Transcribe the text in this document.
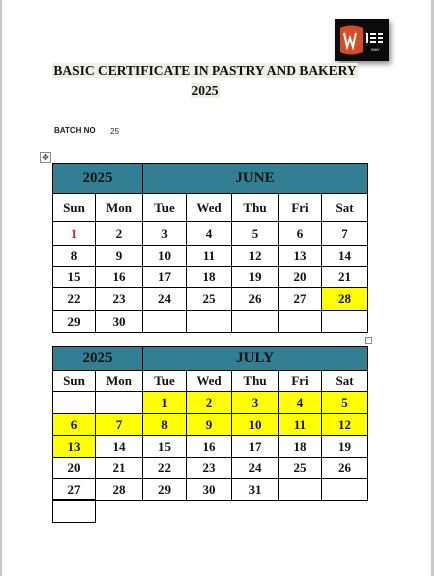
WAY
BASIC CERTIFICATE IN PASTRY AND BAKERY
2025
BATCH NO 25
✥
2025		JUNE				
Sun	Mon	Tue	Wed	Thu	Fri	Sat
1	2	3	4	5	6	7
8	9	10	11	12	13	14
15	16	17	18	19	20	21
22	23	24	25	26	27	28
29	30					
2025		JULY				
Sun	Mon	Tue	Wed	Thu	Fri	Sat
		1	2	3	4	5
6	7	8	9	10	11	12
13	14	15	16	17	18	19
20	21	22	23	24	25	26
27	28	29	30	31		
